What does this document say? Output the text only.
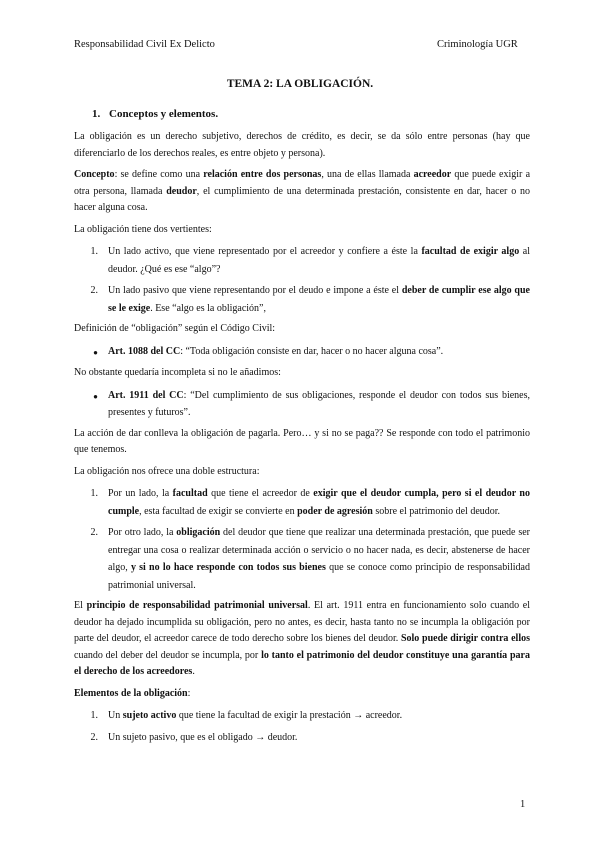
Responsabilidad Civil Ex Delicto	Criminología UGR
TEMA 2: LA OBLIGACIÓN.
1. Conceptos y elementos.

La obligación es un derecho subjetivo, derechos de crédito, es decir, se da sólo entre personas (hay que diferenciarlo de los derechos reales, es entre objeto y persona).

Concepto: se define como una relación entre dos personas, una de ellas llamada acreedor que puede exigir a otra persona, llamada deudor, el cumplimiento de una determinada prestación, consistente en dar, hacer o no hacer alguna cosa.

La obligación tiene dos vertientes:

1.	Un lado activo, que viene representado por el acreedor y confiere a éste la facultad de exigir algo al deudor. ¿Qué es ese “algo”?
2.	Un lado pasivo que viene representando por el deudo e impone a éste el deber de cumplir ese algo que se le exige. Ese “algo es la obligación”,

Definición de “obligación” según el Código Civil:

●	Art. 1088 del CC: “Toda obligación consiste en dar, hacer o no hacer alguna cosa”.

No obstante quedaría incompleta si no le añadimos:

●	Art. 1911 del CC: “Del cumplimiento de sus obligaciones, responde el deudor con todos sus bienes, presentes y futuros”.

La acción de dar conlleva la obligación de pagarla. Pero… y si no se paga?? Se responde con todo el patrimonio que tenemos.

La obligación nos ofrece una doble estructura:

1.	Por un lado, la facultad que tiene el acreedor de exigir que el deudor cumpla, pero si el deudor no cumple, esta facultad de exigir se convierte en poder de agresión sobre el patrimonio del deudor.
2.	Por otro lado, la obligación del deudor que tiene que realizar una determinada prestación, que puede ser entregar una cosa o realizar determinada acción o servicio o no hacer nada, es decir, abstenerse de hacer algo, y si no lo hace responde con todos sus bienes que se conoce como principio de responsabilidad patrimonial universal.

El principio de responsabilidad patrimonial universal. El art. 1911 entra en funcionamiento solo cuando el deudor ha dejado incumplida su obligación, pero no antes, es decir, hasta tanto no se incumpla la obligación por parte del deudor, el acreedor carece de todo derecho sobre los bienes del deudor. Solo puede dirigir contra ellos cuando del deber del deudor se incumpla, por lo tanto el patrimonio del deudor constituye una garantía para el derecho de los acreedores.

Elementos de la obligación:

1.	Un sujeto activo que tiene la facultad de exigir la prestación → acreedor.
2.	Un sujeto pasivo, que es el obligado → deudor.
1
